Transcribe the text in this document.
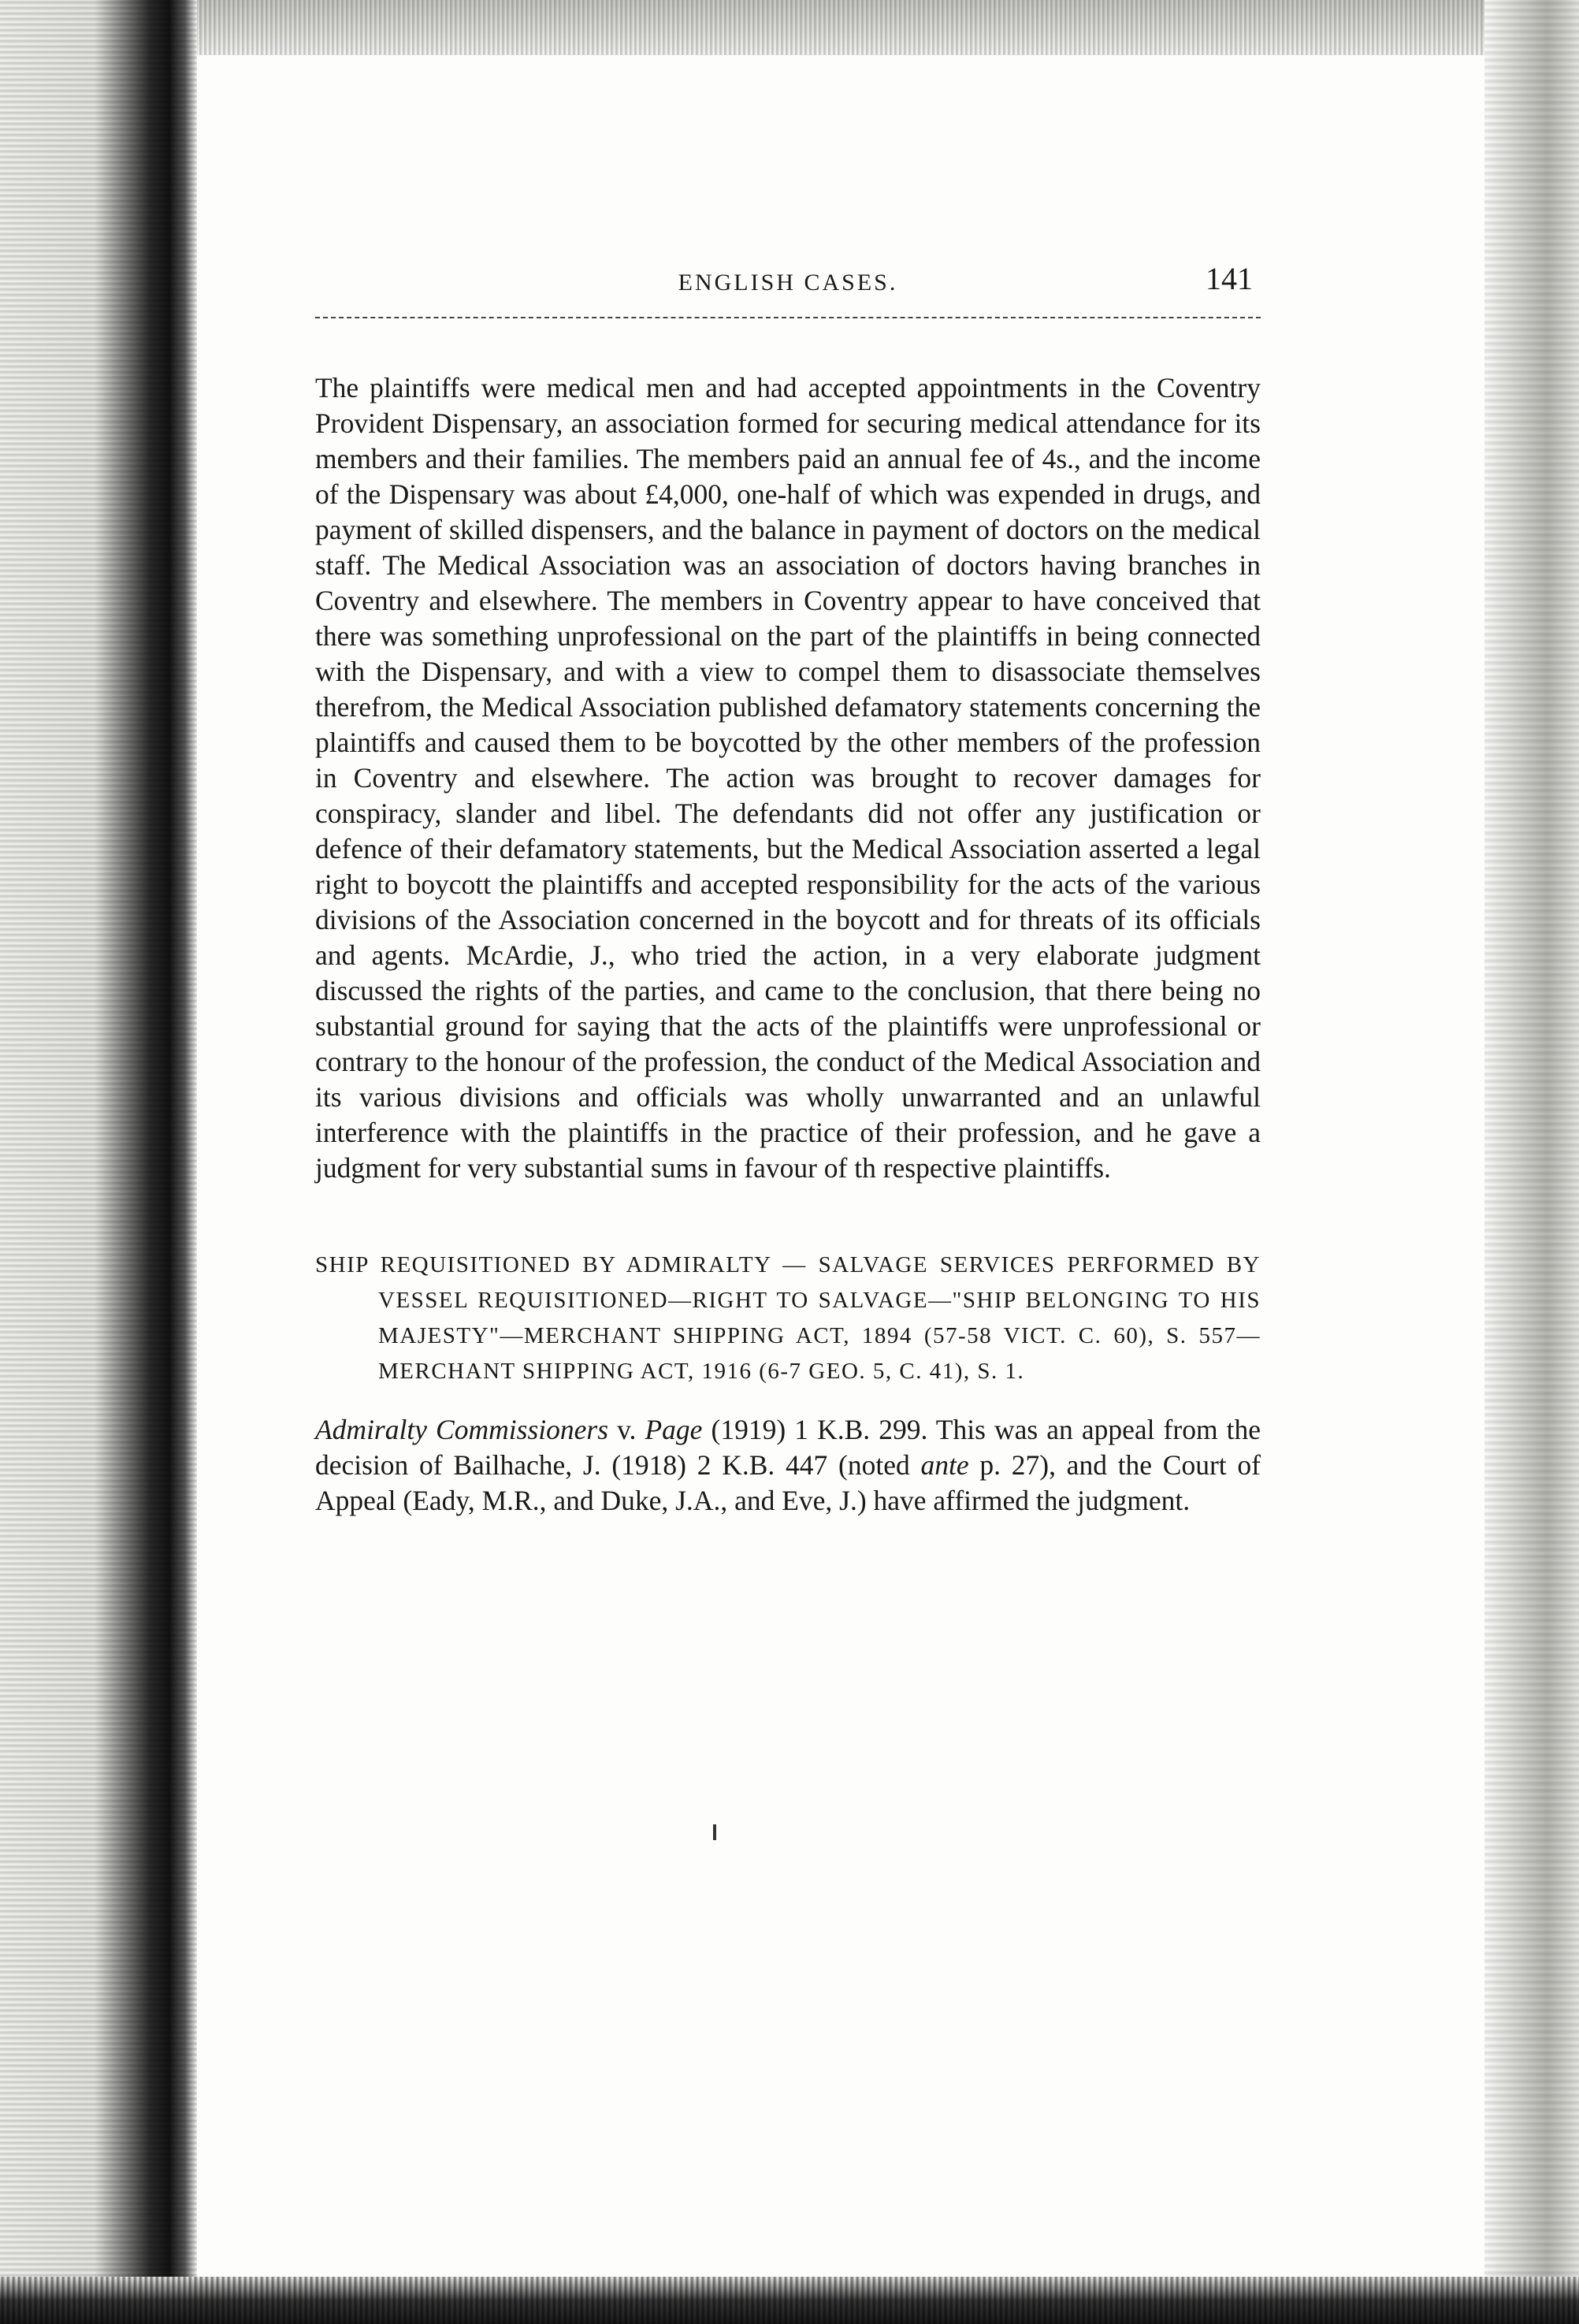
ENGLISH CASES.	141

The plaintiffs were medical men and had accepted appointments in the Coventry Provident Dispensary, an association formed for securing medical attendance for its members and their families. The members paid an annual fee of 4s., and the income of the Dispensary was about £4,000, one-half of which was expended in drugs, and payment of skilled dispensers, and the balance in payment of doctors on the medical staff. The Medical Association was an association of doctors having branches in Coventry and elsewhere. The members in Coventry appear to have conceived that there was something unprofessional on the part of the plaintiffs in being connected with the Dispensary, and with a view to compel them to disassociate themselves therefrom, the Medical Association published defamatory statements concerning the plaintiffs and caused them to be boycotted by the other members of the profession in Coventry and elsewhere. The action was brought to recover damages for conspiracy, slander and libel. The defendants did not offer any justification or defence of their defamatory statements, but the Medical Association asserted a legal right to boycott the plaintiffs and accepted responsibility for the acts of the various divisions of the Association concerned in the boycott and for threats of its officials and agents. McArdie, J., who tried the action, in a very elaborate judgment discussed the rights of the parties, and came to the conclusion, that there being no substantial ground for saying that the acts of the plaintiffs were unprofessional or contrary to the honour of the profession, the conduct of the Medical Association and its various divisions and officials was wholly unwarranted and an unlawful interference with the plaintiffs in the practice of their profession, and he gave a judgment for very substantial sums in favour of th respective plaintiffs.

SHIP REQUISITIONED BY ADMIRALTY — SALVAGE SERVICES PERFORMED BY VESSEL REQUISITIONED—RIGHT TO SALVAGE—"SHIP BELONGING TO HIS MAJESTY"—MERCHANT SHIPPING ACT, 1894 (57-58 VICT. C. 60), S. 557—MERCHANT SHIPPING ACT, 1916 (6-7 GEO. 5, C. 41), S. 1.

Admiralty Commissioners v. Page (1919) 1 K.B. 299. This was an appeal from the decision of Bailhache, J. (1918) 2 K.B. 447 (noted ante p. 27), and the Court of Appeal (Eady, M.R., and Duke, J.A., and Eve, J.) have affirmed the judgment.
